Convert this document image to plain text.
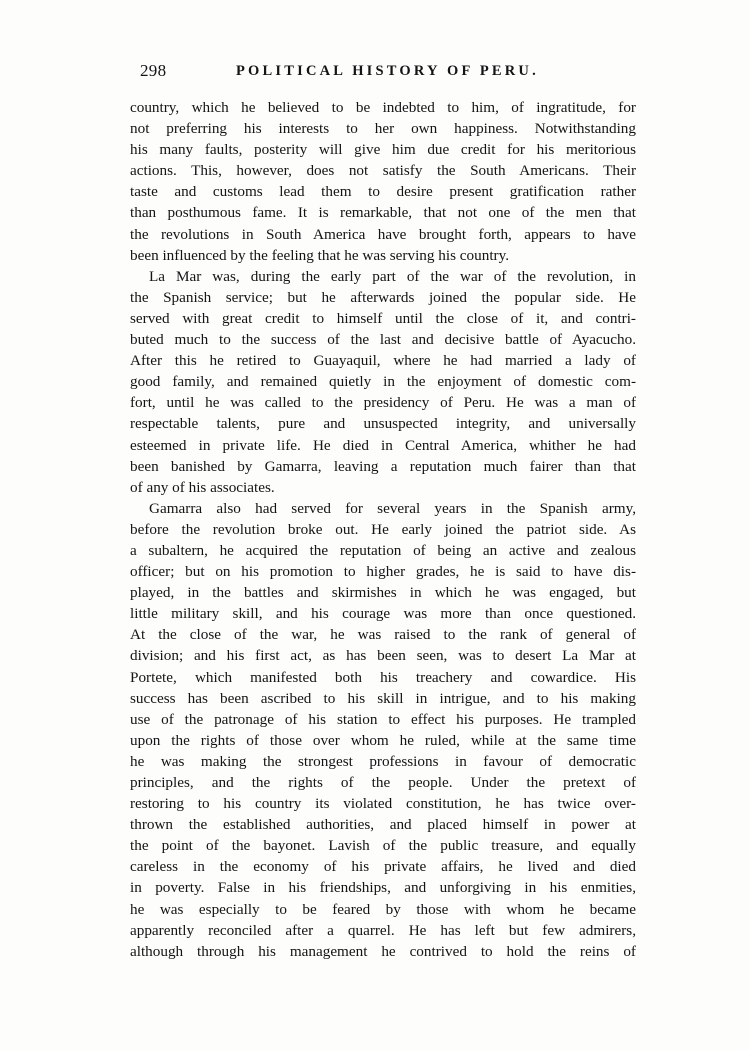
298	POLITICAL HISTORY OF PERU.
country, which he believed to be indebted to him, of ingratitude, for
not preferring his interests to her own happiness. Notwithstanding
his many faults, posterity will give him due credit for his meritorious
actions. This, however, does not satisfy the South Americans. Their
taste and customs lead them to desire present gratification rather
than posthumous fame. It is remarkable, that not one of the men that
the revolutions in South America have brought forth, appears to have
been influenced by the feeling that he was serving his country.
La Mar was, during the early part of the war of the revolution, in
the Spanish service; but he afterwards joined the popular side. He
served with great credit to himself until the close of it, and contri-
buted much to the success of the last and decisive battle of Ayacucho.
After this he retired to Guayaquil, where he had married a lady of
good family, and remained quietly in the enjoyment of domestic com-
fort, until he was called to the presidency of Peru. He was a man of
respectable talents, pure and unsuspected integrity, and universally
esteemed in private life. He died in Central America, whither he had
been banished by Gamarra, leaving a reputation much fairer than that
of any of his associates.
Gamarra also had served for several years in the Spanish army,
before the revolution broke out. He early joined the patriot side. As
a subaltern, he acquired the reputation of being an active and zealous
officer; but on his promotion to higher grades, he is said to have dis-
played, in the battles and skirmishes in which he was engaged, but
little military skill, and his courage was more than once questioned.
At the close of the war, he was raised to the rank of general of
division; and his first act, as has been seen, was to desert La Mar at
Portete, which manifested both his treachery and cowardice. His
success has been ascribed to his skill in intrigue, and to his making
use of the patronage of his station to effect his purposes. He trampled
upon the rights of those over whom he ruled, while at the same time
he was making the strongest professions in favour of democratic
principles, and the rights of the people. Under the pretext of
restoring to his country its violated constitution, he has twice over-
thrown the established authorities, and placed himself in power at
the point of the bayonet. Lavish of the public treasure, and equally
careless in the economy of his private affairs, he lived and died
in poverty. False in his friendships, and unforgiving in his enmities,
he was especially to be feared by those with whom he became
apparently reconciled after a quarrel. He has left but few admirers,
although through his management he contrived to hold the reins of
